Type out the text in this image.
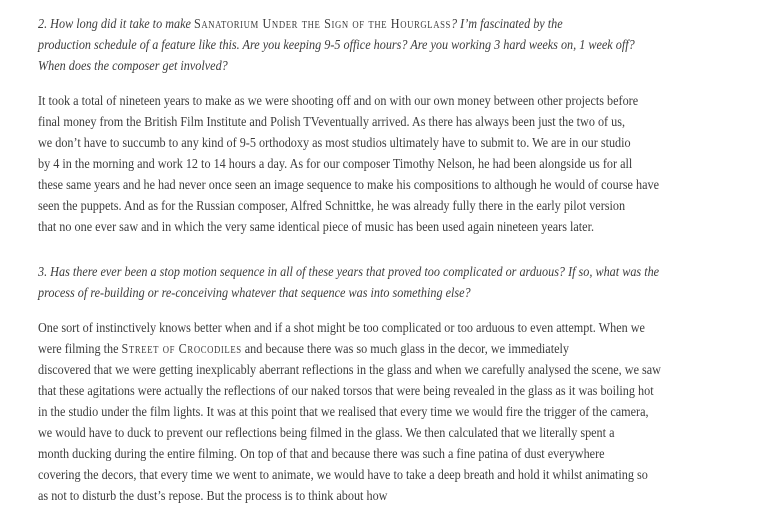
2. How long did it take to make Sanatorium Under the Sign of the Hourglass? I’m fascinated by the
production schedule of a feature like this. Are you keeping 9-5 office hours? Are you working 3 hard weeks on, 1 week off?
When does the composer get involved?

It took a total of nineteen years to make as we were shooting off and on with our own money between other projects before
final money from the British Film Institute and Polish TVeventually arrived. As there has always been just the two of us,
we don’t have to succumb to any kind of 9-5 orthodoxy as most studios ultimately have to submit to. We are in our studio
by 4 in the morning and work 12 to 14 hours a day. As for our composer Timothy Nelson, he had been alongside us for all
these same years and he had never once seen an image sequence to make his compositions to although he would of course have
seen the puppets. And as for the Russian composer, Alfred Schnittke, he was already fully there in the early pilot version
that no one ever saw and in which the very same identical piece of music has been used again nineteen years later.

3. Has there ever been a stop motion sequence in all of these years that proved too complicated or arduous? If so, what was the
process of re-building or re-conceiving whatever that sequence was into something else?

One sort of instinctively knows better when and if a shot might be too complicated or too arduous to even attempt. When we
were filming the Street of Crocodiles and because there was so much glass in the decor, we immediately
discovered that we were getting inexplicably aberrant reflections in the glass and when we carefully analysed the scene, we saw
that these agitations were actually the reflections of our naked torsos that were being revealed in the glass as it was boiling hot
in the studio under the film lights. It was at this point that we realised that every time we would fire the trigger of the camera,
we would have to duck to prevent our reflections being filmed in the glass. We then calculated that we literally spent a
month ducking during the entire filming. On top of that and because there was such a fine patina of dust everywhere
covering the decors, that every time we went to animate, we would have to take a deep breath and hold it whilst animating so
as not to disturb the dust’s repose. But the process is to think about how
